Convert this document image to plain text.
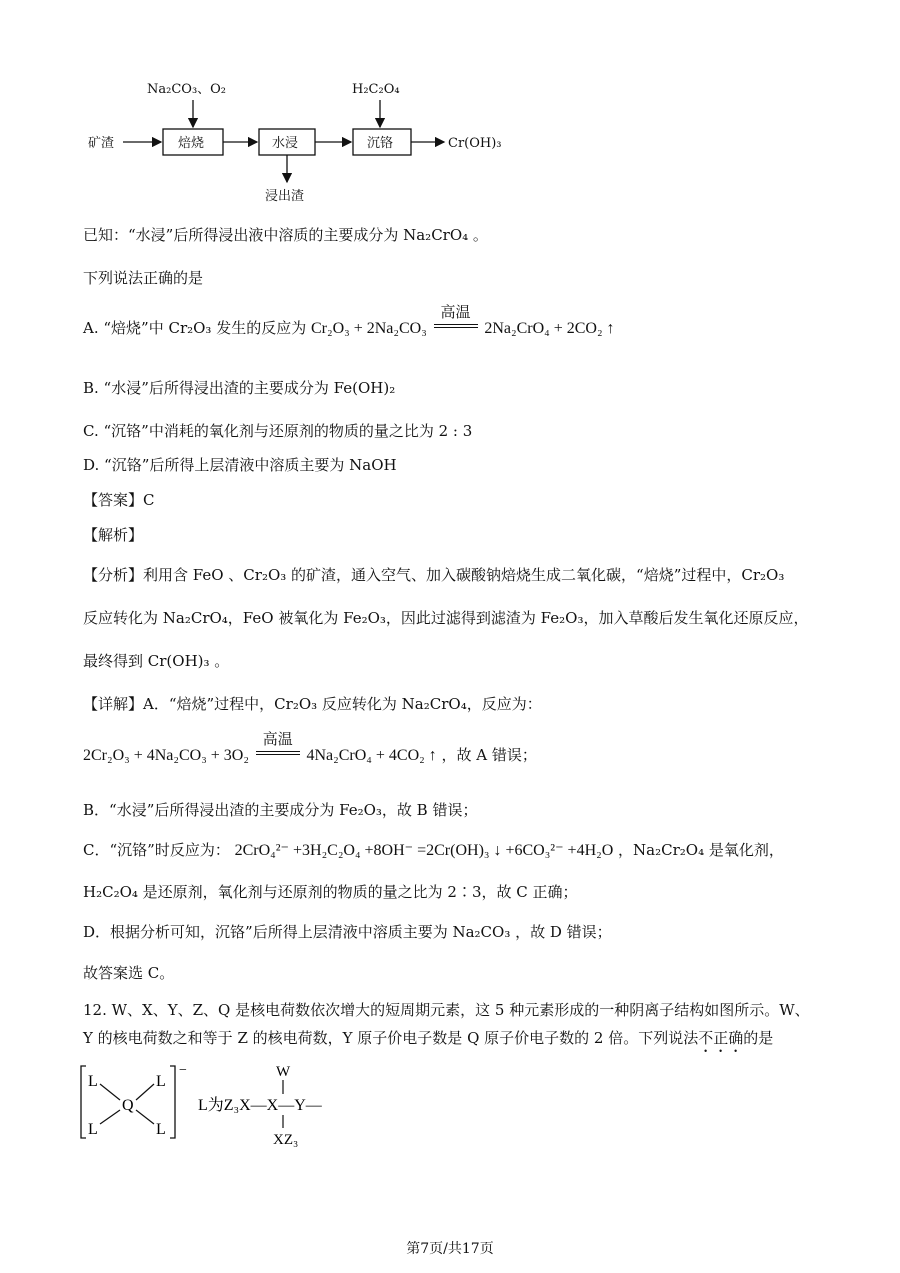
Na₂CO₃、O₂	H₂C₂O₄
矿渣	焙烧	水浸	沉铬	Cr(OH)₃
浸出渣
已知：“水浸”后所得浸出液中溶质的主要成分为 Na₂CrO₄ 。
下列说法正确的是
A. “焙烧”中 Cr₂O₃ 发生的反应为 Cr₂O₃ + 2Na₂CO₃
高温
2Na₂CrO₄ + 2CO₂ ↑
B. “水浸”后所得浸出渣的主要成分为 Fe(OH)₂
C. “沉铬”中消耗的氧化剂与还原剂的物质的量之比为 2 : 3
D. “沉铬”后所得上层清液中溶质主要为 NaOH
【答案】C
【解析】
【分析】利用含 FeO 、Cr₂O₃ 的矿渣，通入空气、加入碳酸钠焙烧生成二氧化碳，“焙烧”过程中，Cr₂O₃
反应转化为 Na₂CrO₄，FeO 被氧化为 Fe₂O₃，因此过滤得到滤渣为 Fe₂O₃，加入草酸后发生氧化还原反应，
最终得到 Cr(OH)₃ 。
【详解】A．“焙烧”过程中，Cr₂O₃ 反应转化为 Na₂CrO₄，反应为：
2Cr₂O₃ + 4Na₂CO₃ + 3O₂
高温
4Na₂CrO₄ + 4CO₂ ↑ ，故 A 错误；
B．“水浸”后所得浸出渣的主要成分为 Fe₂O₃，故 B 错误；
C．“沉铬”时反应为： 2CrO₄²⁻ +3H₂C₂O₄ +8OH⁻ =2Cr(OH)₃ ↓ +6CO₃²⁻ +4H₂O ，Na₂Cr₂O₄ 是氧化剂，
H₂C₂O₄ 是还原剂，氧化剂与还原剂的物质的量之比为 2∶3，故 C 正确；
D．根据分析可知，沉铬”后所得上层清液中溶质主要为 Na₂CO₃ ，故 D 错误；
故答案选 C。
12. W、X、Y、Z、Q 是核电荷数依次增大的短周期元素，这 5 种元素形成的一种阴离子结构如图所示。W、
Y 的核电荷数之和等于 Z 的核电荷数，Y 原子价电子数是 Q 原子价电子数的 2 倍。下列说法不正确的是
−
L	L
L	L
Q	L为Z₃X—X—Y—
W
XZ₃
第7页/共17页
